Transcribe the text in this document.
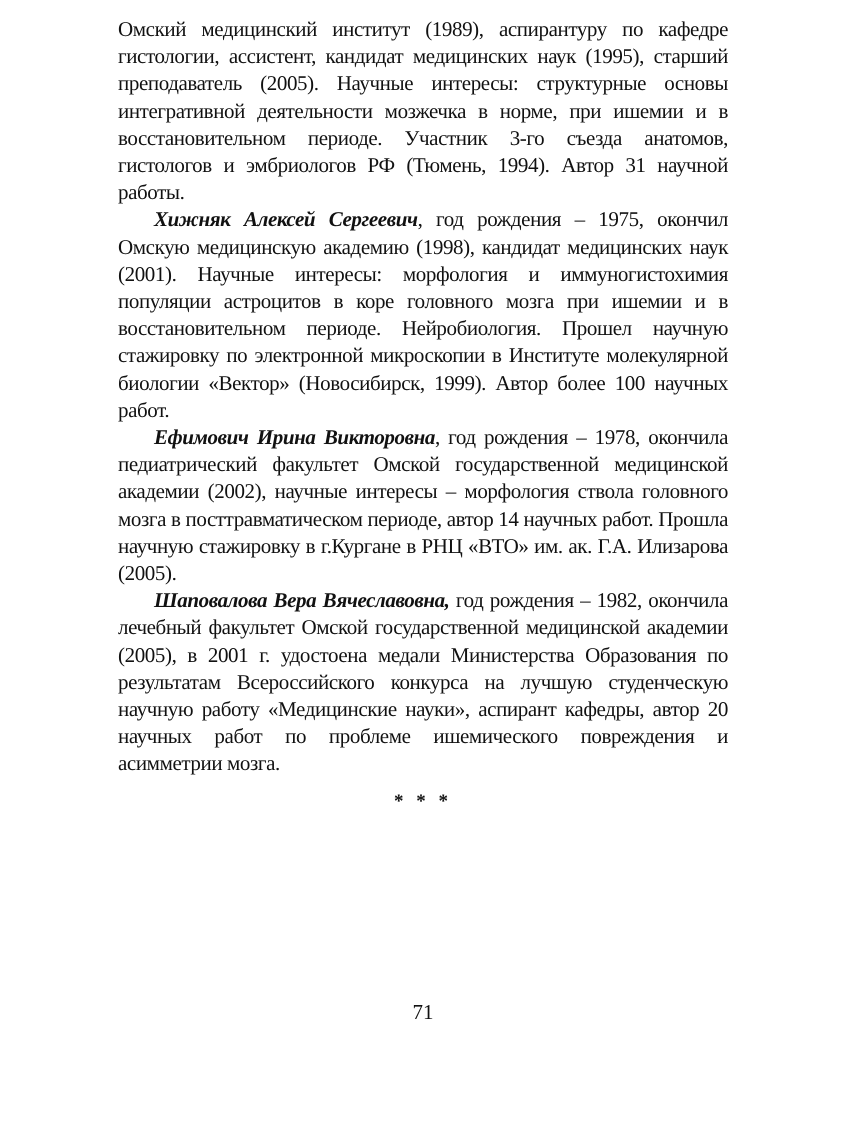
Омский медицинский институт (1989), аспирантуру по кафедре гистологии, ассистент, кандидат медицинских наук (1995), старший преподаватель (2005). Научные интересы: структурные основы интегративной деятельности мозжечка в норме, при ишемии и в восстановительном периоде. Участник 3-го съезда анатомов, гистологов и эмбриологов РФ (Тюмень, 1994). Автор 31 научной работы.

Хижняк Алексей Сергеевич, год рождения – 1975, окончил Омскую медицинскую академию (1998), кандидат медицинских наук (2001). Научные интересы: морфология и иммуногистохимия популяции астроцитов в коре головного мозга при ишемии и в восстановительном периоде. Нейробиология. Прошел научную стажировку по электронной микроскопии в Институте молекулярной биологии «Вектор» (Новосибирск, 1999). Автор более 100 научных работ.

Ефимович Ирина Викторовна, год рождения – 1978, окончила педиатрический факультет Омской государственной медицинской академии (2002), научные интересы – морфология ствола головного мозга в посттравматическом периоде, автор 14 научных работ. Прошла научную стажировку в г.Кургане в РНЦ «ВТО» им. ак. Г.А. Илизарова (2005).

Шаповалова Вера Вячеславовна, год рождения – 1982, окончила лечебный факультет Омской государственной медицинской академии (2005), в 2001 г. удостоена медали Министерства Образования по результатам Всероссийского конкурса на лучшую студенческую научную работу «Медицинские науки», аспирант кафедры, автор 20 научных работ по проблеме ишемического повреждения и асимметрии мозга.

* * *
71
